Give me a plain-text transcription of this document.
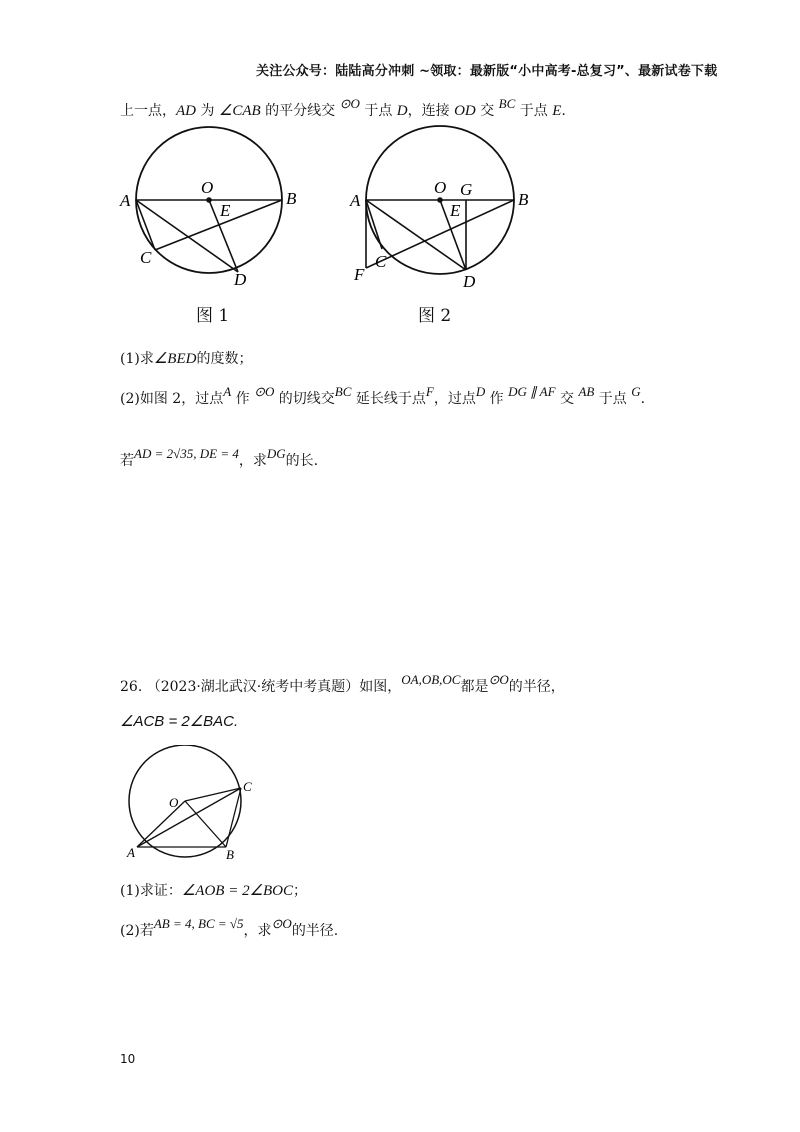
关注公众号：陆陆高分冲刺 ~领取：最新版“小中高考-总复习”、最新试卷下载
上一点，AD 为 ∠CAB 的平分线交 ⊙O 于点 D，连接 OD 交 BC 于点 E.
A	B
O
E
C
D
A	B
O G
E
C
F	D
图 1	图 2
(1)求∠BED的度数；
(2)如图 2，过点A 作 ⊙O 的切线交BC 延长线于点F，过点D 作 DG ∥ AF 交 AB 于点 G.
若AD = 2√35, DE = 4，求DG的长.
26. （2023·湖北武汉·统考中考真题）如图，OA,OB,OC都是⊙O的半径，
∠ACB = 2∠BAC.
O
A	B
C
(1)求证：∠AOB = 2∠BOC；
(2)若AB = 4, BC = √5，求⊙O的半径.
10
